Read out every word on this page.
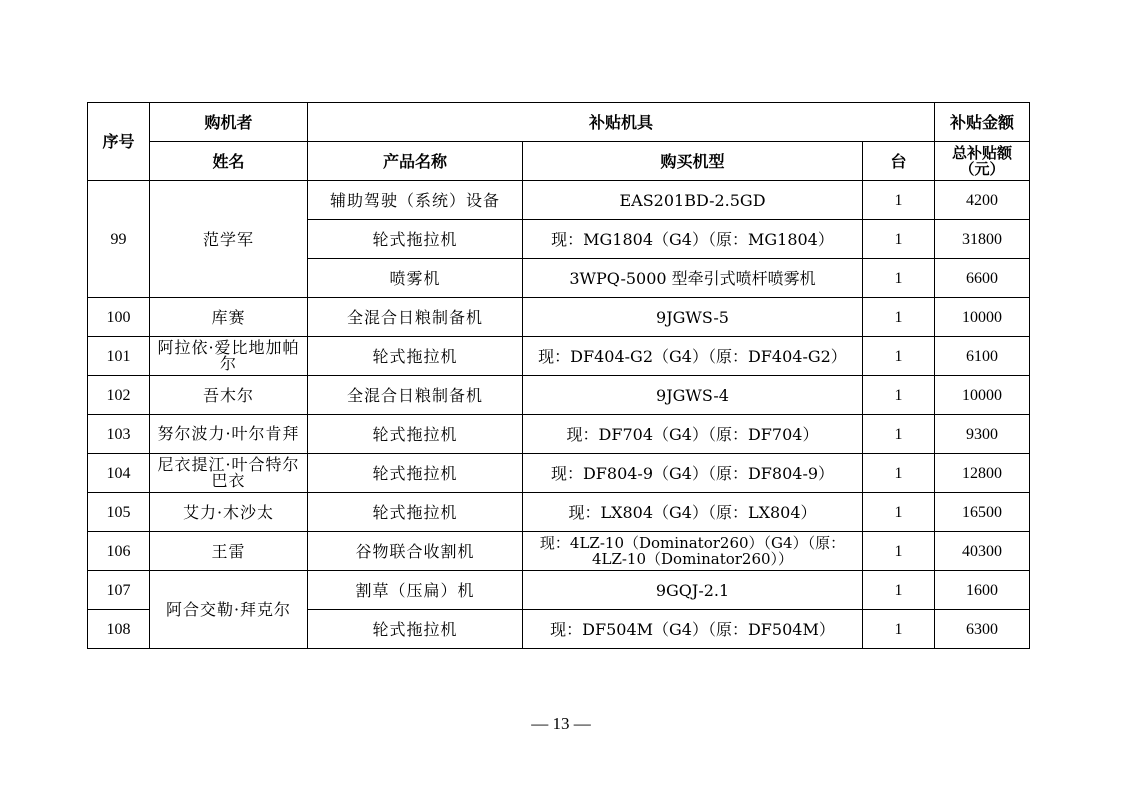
序号	购机者	补贴机具			补贴金额
	姓名	产品名称	购买机型	台	总补贴额（元）
99	范学军	辅助驾驶（系统）设备	EAS201BD-2.5GD	1	4200
		轮式拖拉机	现：MG1804（G4）（原：MG1804）	1	31800
		喷雾机	3WPQ-5000 型牵引式喷杆喷雾机	1	6600
100	库赛	全混合日粮制备机	9JGWS-5	1	10000
101	阿拉依·爱比地加帕尔	轮式拖拉机	现：DF404-G2（G4）（原：DF404-G2）	1	6100
102	吾木尔	全混合日粮制备机	9JGWS-4	1	10000
103	努尔波力·叶尔肯拜	轮式拖拉机	现：DF704（G4）（原：DF704）	1	9300
104	尼衣提江·叶合特尔巴衣	轮式拖拉机	现：DF804-9（G4）（原：DF804-9）	1	12800
105	艾力·木沙太	轮式拖拉机	现：LX804（G4）（原：LX804）	1	16500
106	王雷	谷物联合收割机	现：4LZ-10（Dominator260）（G4）（原：4LZ-10（Dominator260））	1	40300
107	阿合交勒·拜克尔	割草（压扁）机	9GQJ-2.1	1	1600
108		轮式拖拉机	现：DF504M（G4）（原：DF504M）	1	6300
— 13 —
